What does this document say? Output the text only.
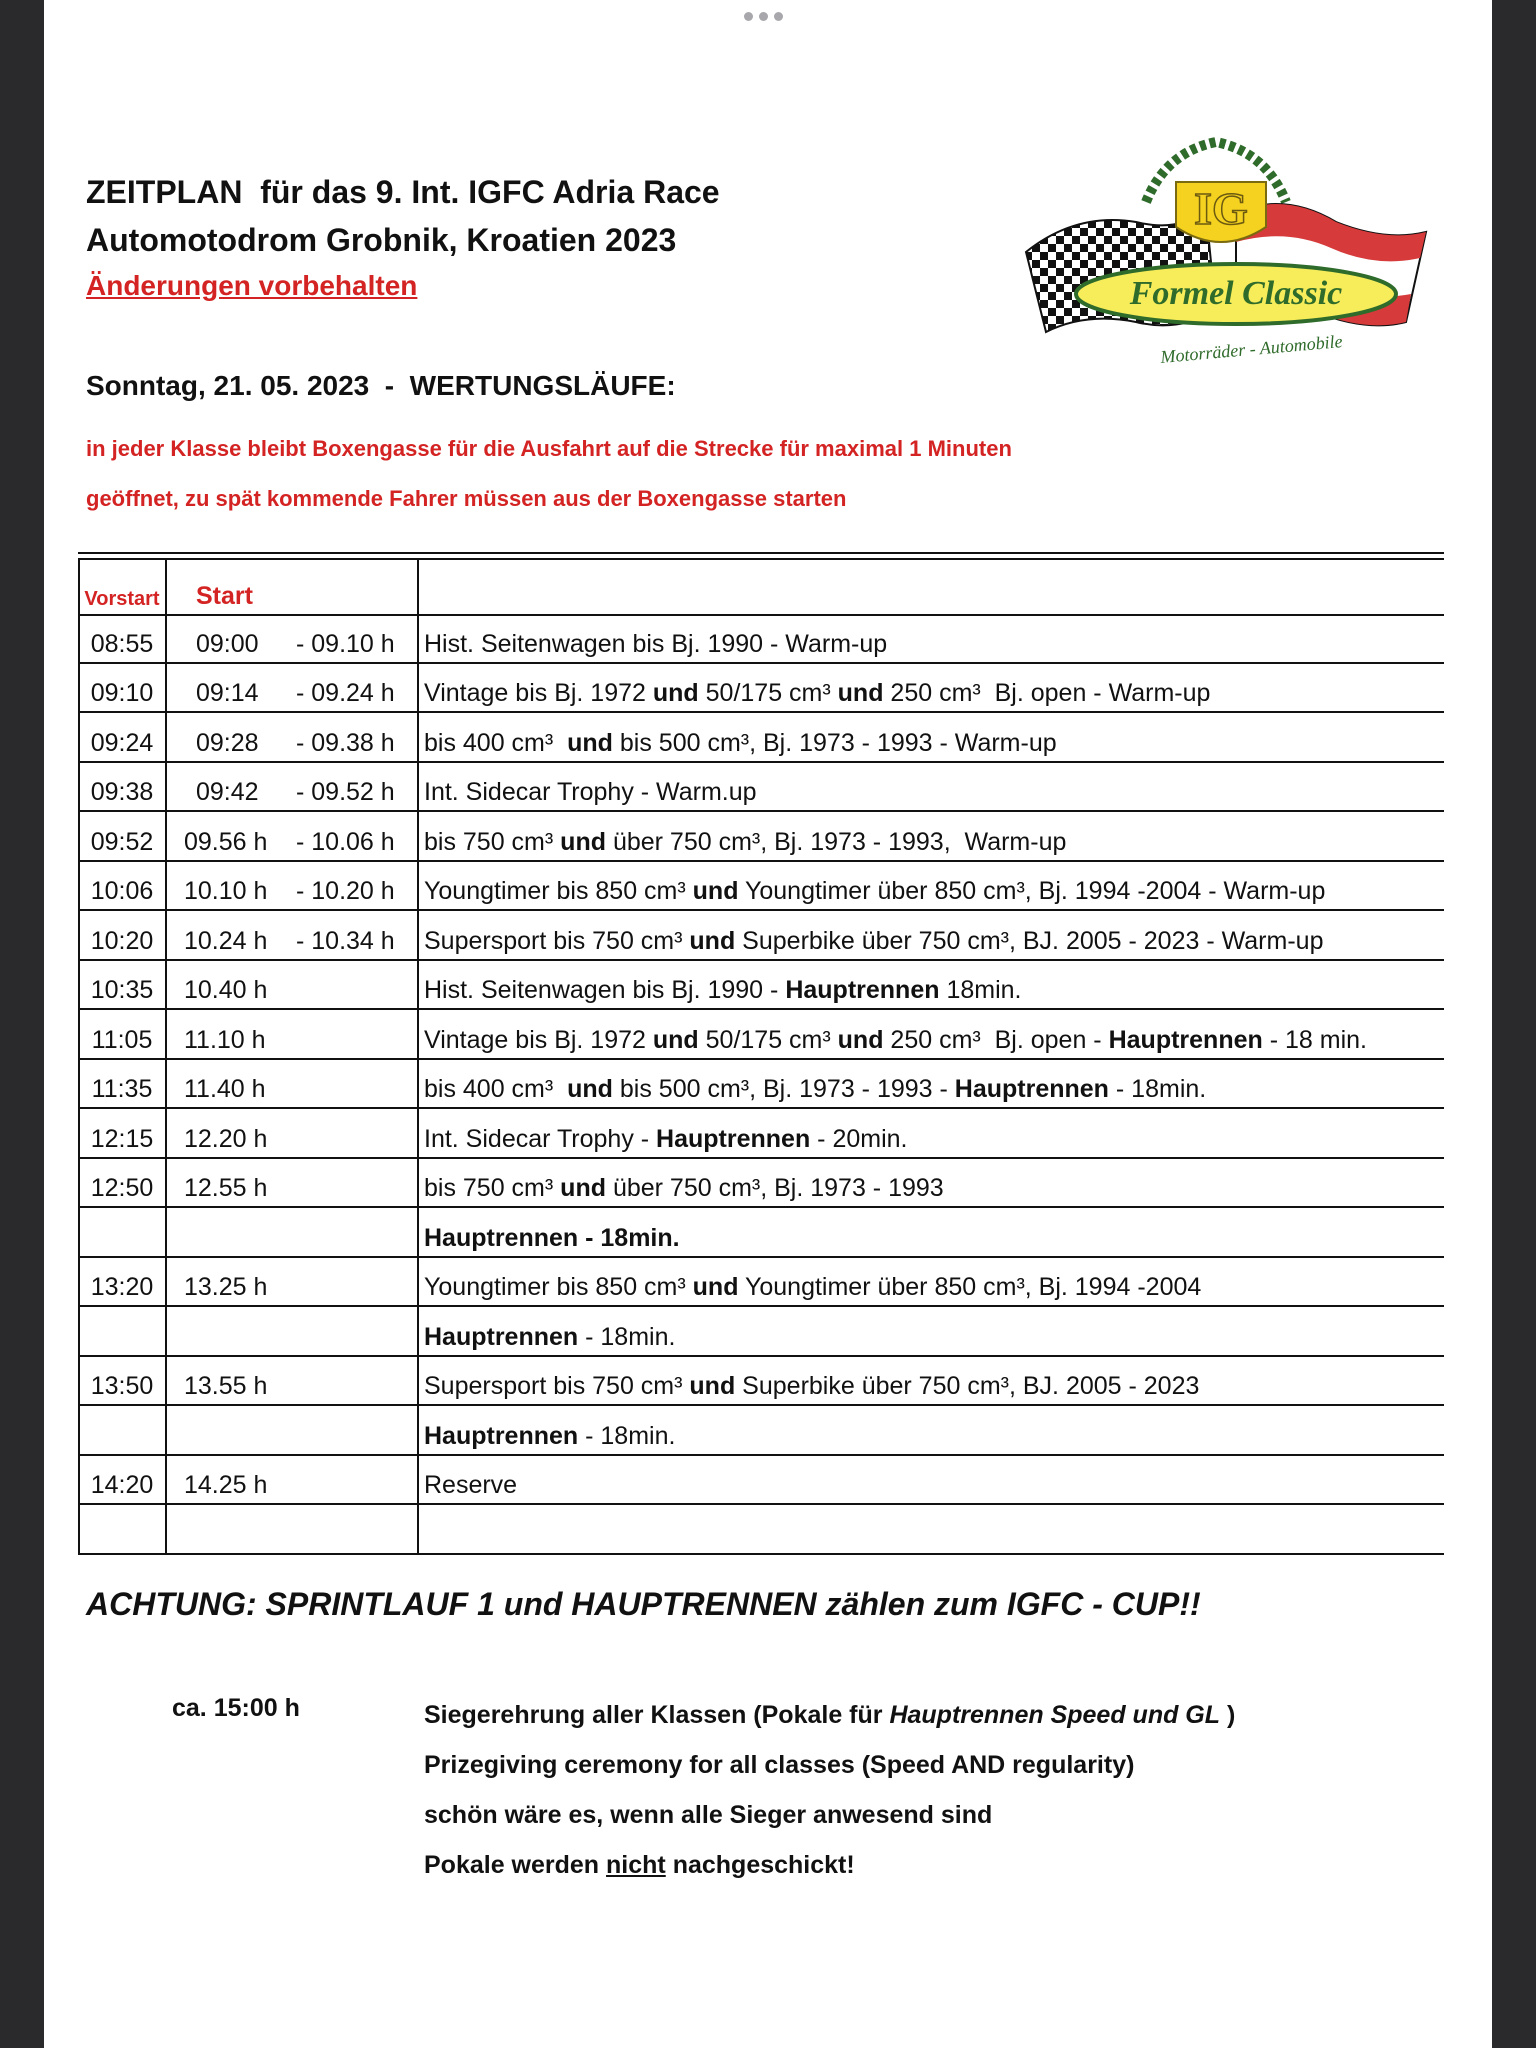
ZEITPLAN  für das 9. Int. IGFC Adria Race
Automotodrom Grobnik, Kroatien 2023
Änderungen vorbehalten
IG
Formel Classic
Motorräder - Automobile
Sonntag, 21. 05. 2023  -  WERTUNGSLÄUFE:
in jeder Klasse bleibt Boxengasse für die Ausfahrt auf die Strecke für maximal 1 Minuten
geöffnet, zu spät kommende Fahrer müssen aus der Boxengasse starten
Vorstart	Start
08:55	09:00	- 09.10 h Hist. Seitenwagen bis Bj. 1990 - Warm-up
09:10	09:14	- 09.24 h Vintage bis Bj. 1972 und 50/175 cm³ und 250 cm³  Bj. open - Warm-up
09:24	09:28	- 09.38 h bis 400 cm³ und bis 500 cm³, Bj. 1973 - 1993 - Warm-up
09:38	09:42	- 09.52 h Int. Sidecar Trophy - Warm.up
09:52	09.56 h	- 10.06 h bis 750 cm³ und über 750 cm³, Bj. 1973 - 1993,  Warm-up
10:06	10.10 h	- 10.20 h Youngtimer bis 850 cm³ und Youngtimer über 850 cm³, Bj. 1994 -2004 - Warm-up
10:20	10.24 h	- 10.34 h Supersport bis 750 cm³ und Superbike über 750 cm³, BJ. 2005 - 2023 - Warm-up
10:35	10.40 h	Hist. Seitenwagen bis Bj. 1990 - Hauptrennen 18min.
11:05	11.10 h	Vintage bis Bj. 1972 und 50/175 cm³ und 250 cm³  Bj. open - Hauptrennen - 18 min.
11:35	11.40 h	bis 400 cm³ und bis 500 cm³, Bj. 1973 - 1993 - Hauptrennen - 18min.
12:15	12.20 h	Int. Sidecar Trophy - Hauptrennen - 20min.
12:50	12.55 h	bis 750 cm³ und über 750 cm³, Bj. 1973 - 1993
Hauptrennen - 18min.
13:20	13.25 h	Youngtimer bis 850 cm³ und Youngtimer über 850 cm³, Bj. 1994 -2004
Hauptrennen - 18min.
13:50	13.55 h	Supersport bis 750 cm³ und Superbike über 750 cm³, BJ. 2005 - 2023
Hauptrennen - 18min.
14:20	14.25 h	Reserve
ACHTUNG: SPRINTLAUF 1 und HAUPTRENNEN zählen zum IGFC - CUP!!
ca. 15:00 h	Siegerehrung aller Klassen (Pokale für Hauptrennen Speed und GL )
Prizegiving ceremony for all classes (Speed AND regularity)
schön wäre es, wenn alle Sieger anwesend sind
Pokale werden nicht nachgeschickt!
